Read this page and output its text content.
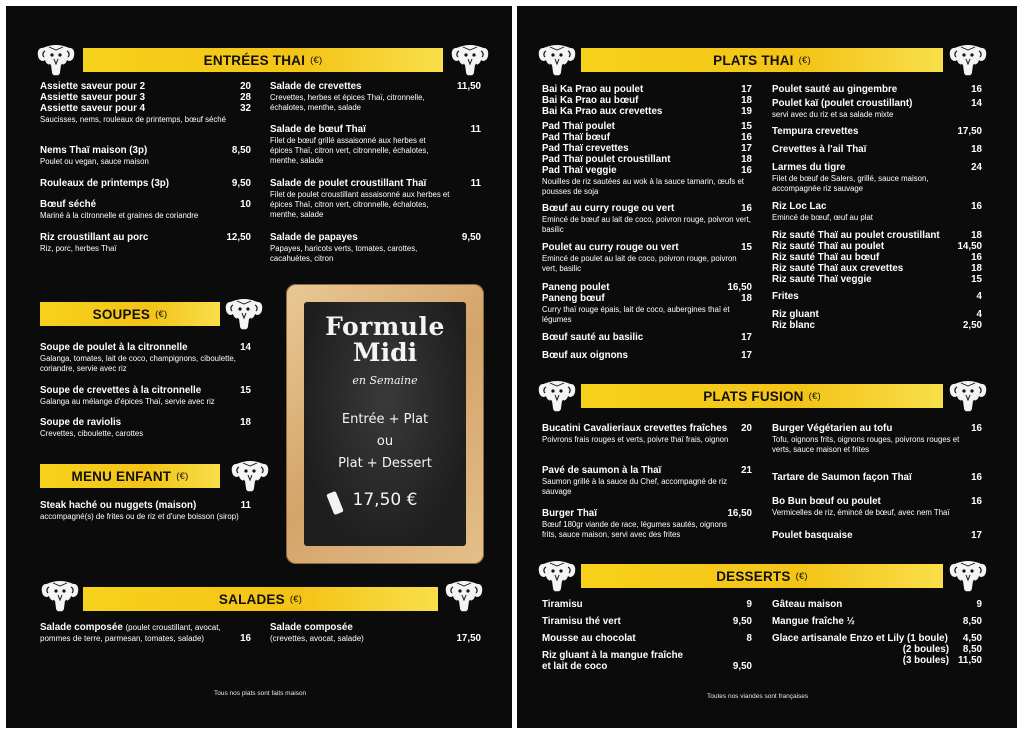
ENTRÉES THAI (€)
Assiette saveur pour 2	20
Assiette saveur pour 3	28
Assiette saveur pour 4	32
Saucisses, nems, rouleaux de printemps, bœuf séché
Nems Thaï maison (3p)	8,50
Poulet ou vegan, sauce maison
Rouleaux de printemps (3p)	9,50
Bœuf séché	10
Mariné à la citronnelle et graines de coriandre
Riz croustillant au porc	12,50
Riz, porc, herbes Thaï
Salade de crevettes	11,50
Crevettes, herbes et épices Thaï, citronnelle, échalotes, menthe, salade
Salade de bœuf Thaï	11
Filet de bœuf grillé assaisonné aux herbes et épices Thaï, citron vert, citronnelle, échalotes, menthe, salade
Salade de poulet croustillant Thaï	11
Filet de poulet croustillant assaisonné aux herbes et épices Thaï, citron vert, citronnelle, échalotes, menthe, salade
Salade de papayes	9,50
Papayes, haricots verts, tomates, carottes, cacahuètes, citron
SOUPES (€)
Soupe de poulet à la citronnelle	14
Galanga, tomates, lait de coco, champignons, ciboulette, coriandre, servie avec riz
Soupe de crevettes à la citronnelle	15
Galanga au mélange d'épices Thaï, servie avec riz
Soupe de raviolis	18
Crevettes, ciboulette, carottes
MENU ENFANT (€)
Steak haché ou nuggets (maison)	11
accompagné(s) de frites ou de riz et d'une boisson (sirop)
SALADES (€)
Salade composée (poulet croustillant, avocat, pommes de terre, parmesan, tomates, salade)	16
Salade composée
(crevettes, avocat, salade)	17,50
Tous nos plats sont faits maison
Formule
Midi
en Semaine
Entrée + Plat
ou
Plat + Dessert
17,50 €
PLATS THAI (€)
Bai Ka Prao au poulet	17
Bai Ka Prao au bœuf	18
Bai Ka Prao aux crevettes	19
Pad Thaï poulet	15
Pad Thaï bœuf	16
Pad Thaï crevettes	17
Pad Thaï poulet croustillant	18
Pad Thaï veggie	16
Nouilles de riz sautées au wok à la sauce tamarin, œufs et pousses de soja
Bœuf au curry rouge ou vert	16
Emincé de bœuf au lait de coco, poivron rouge, poivron vert, basilic
Poulet au curry rouge ou vert	15
Emincé de poulet au lait de coco, poivron rouge, poivron vert, basilic
Paneng poulet	16,50
Paneng bœuf	18
Curry thaï rouge épais, lait de coco, aubergines thaï et légumes
Bœuf sauté au basilic	17
Bœuf aux oignons	17
Poulet sauté au gingembre	16
Poulet kaï (poulet croustillant)	14
servi avec du riz et sa salade mixte
Tempura crevettes	17,50
Crevettes à l'ail Thaï	18
Larmes du tigre	24
Filet de bœuf de Salers, grillé, sauce maison, accompagnée riz sauvage
Riz Loc Lac	16
Emincé de bœuf, œuf au plat
Riz sauté Thaï au poulet croustillant	18
Riz sauté Thaï au poulet	14,50
Riz sauté Thaï au bœuf	16
Riz sauté Thaï aux crevettes	18
Riz sauté Thaï veggie	15
Frites	4
Riz gluant	4
Riz blanc	2,50
PLATS FUSION (€)
Bucatini Cavalieriaux crevettes fraîches 20
Poivrons frais rouges et verts, poivre thaï frais, oignon
Pavé de saumon à la Thaï	21
Saumon grillé à la sauce du Chef, accompagné de riz sauvage
Burger Thaï	16,50
Bœuf 180gr viande de race, légumes sautés, oignons frits, sauce maison, servi avec des frites
Burger Végétarien au tofu	16
Tofu, oignons frits, oignons rouges, poivrons rouges et verts, sauce maison et frites
Tartare de Saumon façon Thaï	16
Bo Bun bœuf ou poulet	16
Vermicelles de riz, émincé de bœuf, avec nem Thaï
Poulet basquaise	17
DESSERTS (€)
Tiramisu	9
Tiramisu thé vert	9,50
Mousse au chocolat	8
Riz gluant à la mangue fraîche
et lait de coco	9,50
Gâteau maison	9
Mangue fraîche ½	8,50
Glace artisanale Enzo et Lily (1 boule) 4,50
(2 boules) 8,50
(3 boules) 11,50
Toutes nos viandes sont françaises
